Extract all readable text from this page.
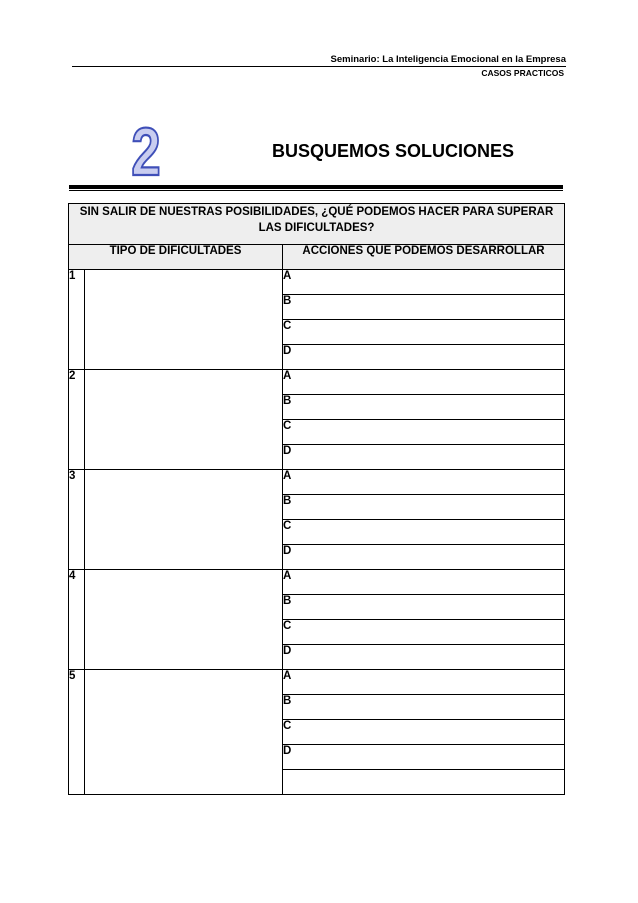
Seminario: La Inteligencia Emocional en la Empresa
CASOS PRACTICOS
2	BUSQUEMOS SOLUCIONES
SIN SALIR DE NUESTRAS POSIBILIDADES, ¿QUÉ PODEMOS HACER PARA SUPERAR LAS DIFICULTADES?		
TIPO DE DIFICULTADES		ACCIONES QUE PODEMOS DESARROLLAR
1		A
		B
		C
		D
2		A
		B
		C
		D
3		A
		B
		C
		D
4		A
		B
		C
		D
5		A
		B
		C
		D
